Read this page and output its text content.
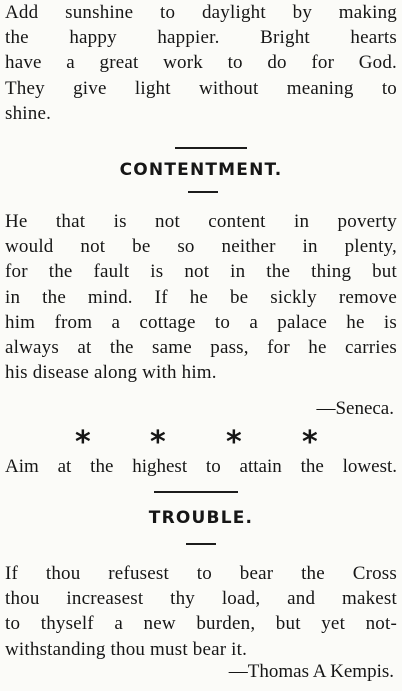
Add sunshine to daylight by making
the happy happier. Bright hearts
have a great work to do for God.
They give light without meaning to
shine.
CONTENTMENT.
He that is not content in poverty
would not be so neither in plenty,
for the fault is not in the thing but
in the mind. If he be sickly remove
him from a cottage to a palace he is
always at the same pass, for he carries
his disease along with him.
—Seneca.
* * * *
Aim at the highest to attain the lowest.
TROUBLE.
If thou refusest to bear the Cross
thou increasest thy load, and makest
to thyself a new burden, but yet not-
withstanding thou must bear it.
—Thomas A Kempis.
